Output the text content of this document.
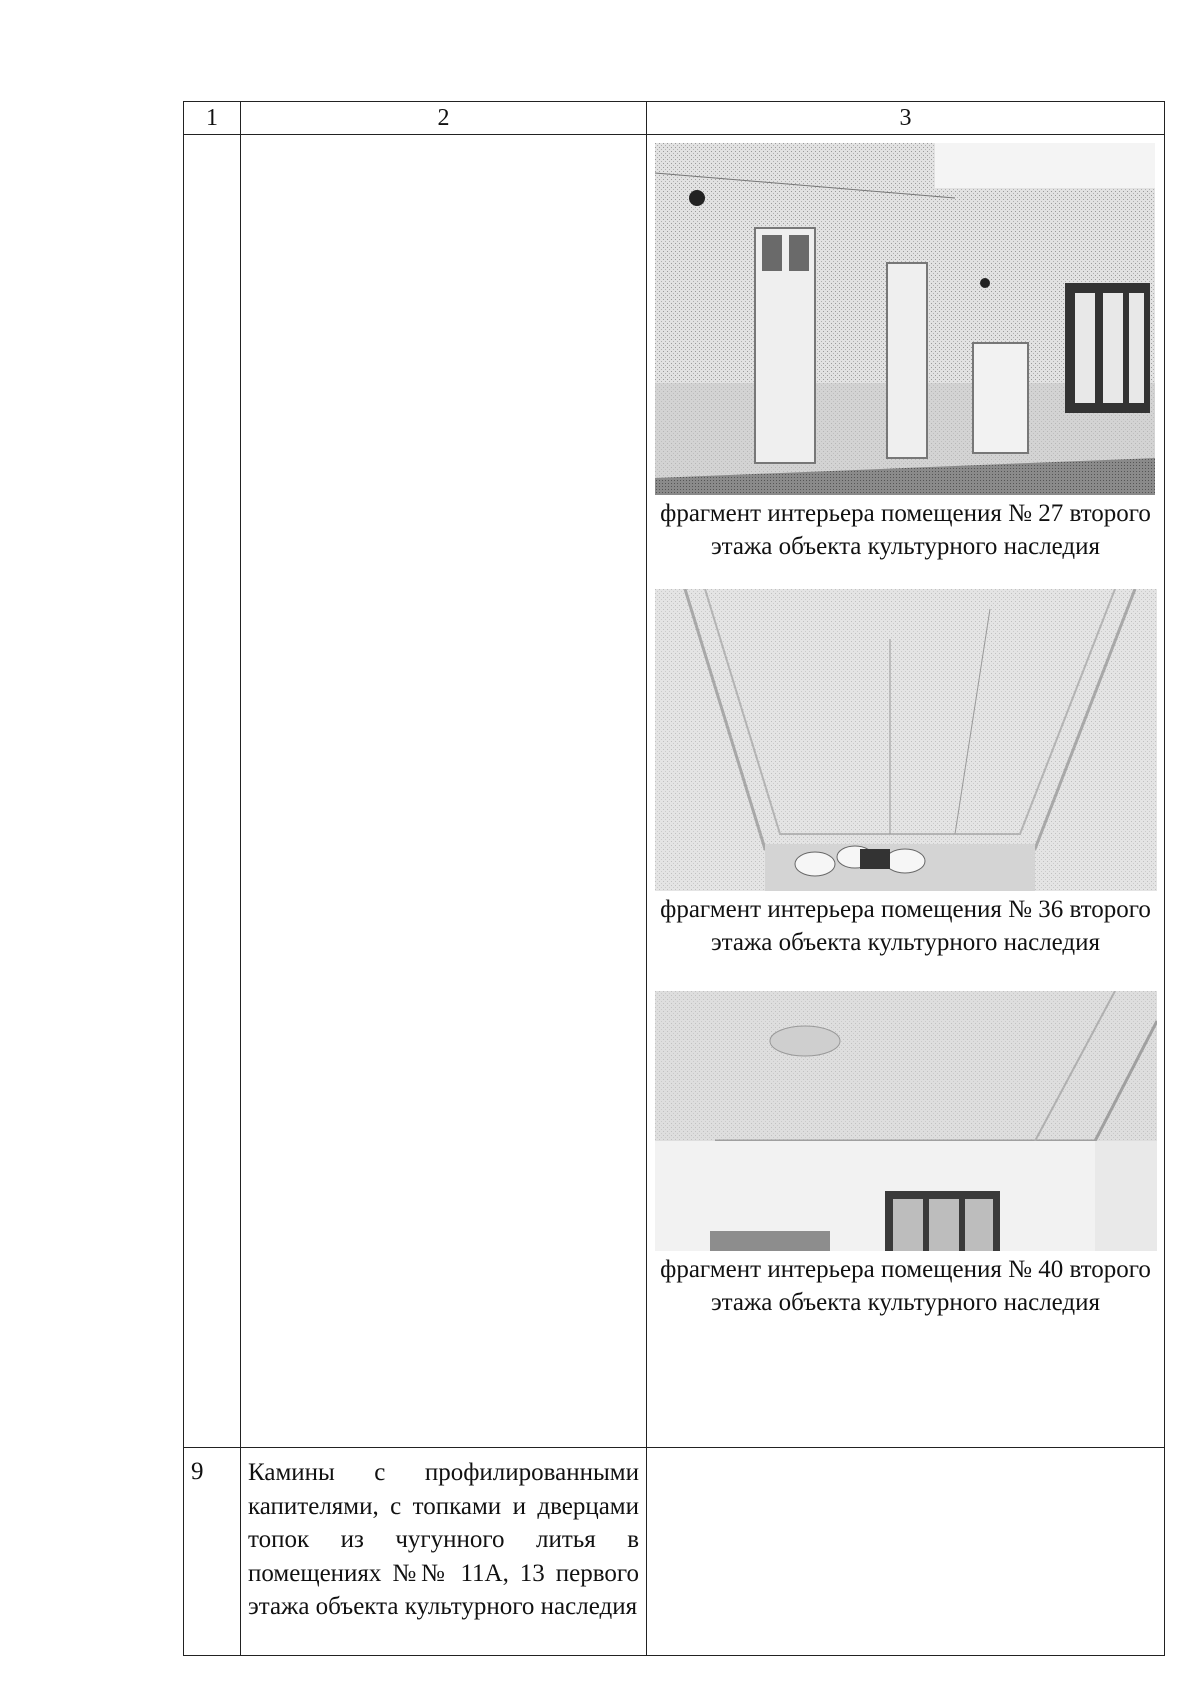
1	2	3

		фрагмент интерьера помещения № 27 второго этажа объекта культурного наследия
фрагмент интерьера помещения № 36 второго этажа объекта культурного наследия
фрагмент интерьера помещения № 40 второго этажа объекта культурного наследия

9	Камины с профилированными капителями, с топками и дверцами топок из чугунного литья в помещениях №№ 11А, 13 первого этажа объекта культурного наследия	
